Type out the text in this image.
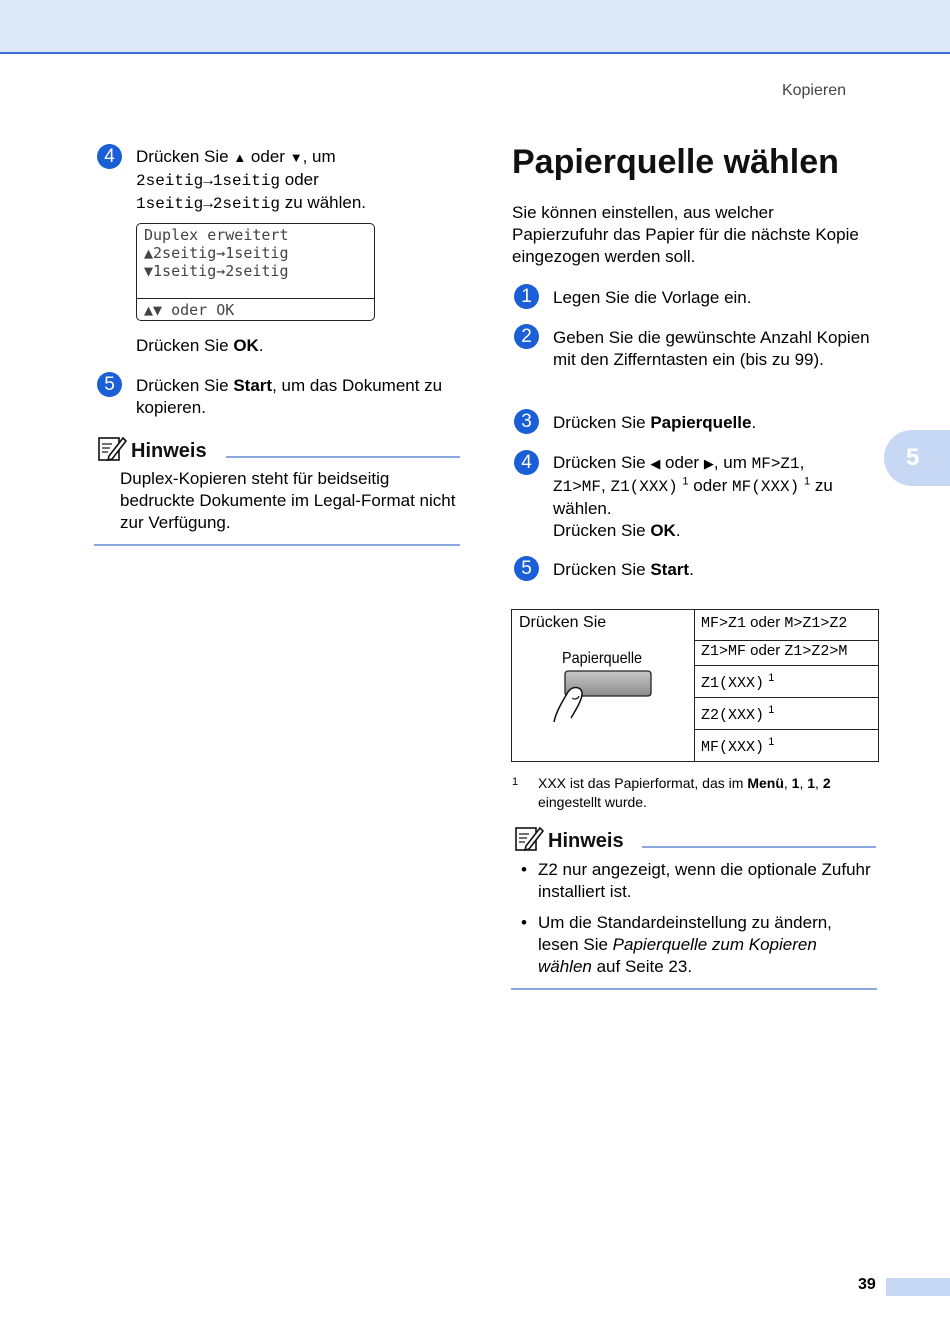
Kopieren
4	Drücken Sie ▲ oder ▼, um
2seitig→1seitig oder
1seitig→2seitig zu wählen.
Duplex erweitert
▲2seitig→1seitig
▼1seitig→2seitig
▲▼ oder OK
Drücken Sie OK.
5	Drücken Sie Start, um das Dokument zu kopieren.
Hinweis
Duplex-Kopieren steht für beidseitig bedruckte Dokumente im Legal-Format nicht zur Verfügung.
Papierquelle wählen
Sie können einstellen, aus welcher Papierzufuhr das Papier für die nächste Kopie eingezogen werden soll.
1	Legen Sie die Vorlage ein.
2	Geben Sie die gewünschte Anzahl Kopien mit den Zifferntasten ein (bis zu 99).
3	Drücken Sie Papierquelle.
4	Drücken Sie ◀ oder ▶, um MF>Z1,
Z1>MF, Z1(XXX) $^1$ oder MF(XXX) $^1$ zu wählen.
Drücken Sie OK.
5	Drücken Sie Start.
Drücken Sie
Papierquelle
MF>Z1 oder M>Z1>Z2
Z1>MF oder Z1>Z2>M
Z1(XXX) $^1$
Z2(XXX) $^1$
MF(XXX) $^1$
1 XXX ist das Papierformat, das im Menü, 1, 1, 2 eingestellt wurde.
Hinweis
• Z2 nur angezeigt, wenn die optionale Zufuhr installiert ist.
• Um die Standardeinstellung zu ändern, lesen Sie Papierquelle zum Kopieren wählen auf Seite 23.
5
39
